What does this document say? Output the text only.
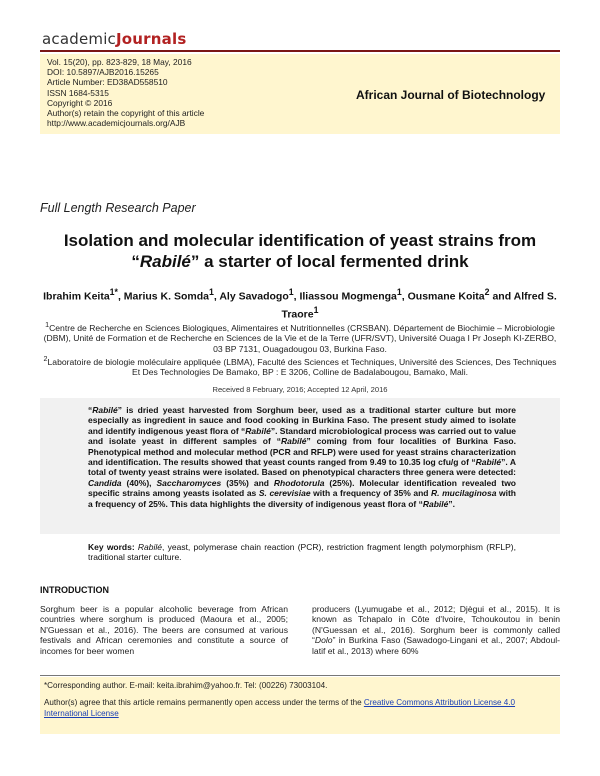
academicJournals
Vol. 15(20), pp. 823-829, 18 May, 2016
DOI: 10.5897/AJB2016.15265
Article Number: ED38AD558510
ISSN 1684-5315
Copyright © 2016
Author(s) retain the copyright of this article
http://www.academicjournals.org/AJB
African Journal of Biotechnology
Full Length Research Paper
Isolation and molecular identification of yeast strains from “Rabilé” a starter of local fermented drink
Ibrahim Keita$^{1*}$, Marius K. Somda$^1$, Aly Savadogo$^1$, Iliassou Mogmenga$^1$, Ousmane Koita$^2$ and Alfred S. Traore$^1$
$^1$Centre de Recherche en Sciences Biologiques, Alimentaires et Nutritionnelles (CRSBAN). Département de Biochimie – Microbiologie (DBM), Unité de Formation et de Recherche en Sciences de la Vie et de la Terre (UFR/SVT), Université Ouaga I Pr Joseph KI-ZERBO, 03 BP 7131, Ouagadougou 03, Burkina Faso.
$^2$Laboratoire de biologie moléculaire appliquée (LBMA), Faculté des Sciences et Techniques, Université des Sciences, Des Techniques Et Des Technologies De Bamako, BP : E 3206, Colline de Badalabougou, Bamako, Mali.
Received 8 February, 2016; Accepted 12 April, 2016
“Rabilé” is dried yeast harvested from Sorghum beer, used as a traditional starter culture but more especially as ingredient in sauce and food cooking in Burkina Faso. The present study aimed to isolate and identify indigenous yeast flora of “Rabilé”. Standard microbiological process was carried out to value and isolate yeast in different samples of “Rabilé” coming from four localities of Burkina Faso. Phenotypical method and molecular method (PCR and RFLP) were used for yeast strains characterization and identification. The results showed that yeast counts ranged from 9.49 to 10.35 log cfu/g of “Rabilé”. A total of twenty yeast strains were isolated. Based on phenotypical characters three genera were detected: Candida (40%), Saccharomyces (35%) and Rhodotorula (25%). Molecular identification revealed two specific strains among yeasts isolated as S. cerevisiae with a frequency of 35% and R. mucilaginosa with a frequency of 25%. This data highlights the diversity of indigenous yeast flora of “Rabilé”.
Key words: Rabilé, yeast, polymerase chain reaction (PCR), restriction fragment length polymorphism (RFLP), traditional starter culture.
INTRODUCTION
Sorghum beer is a popular alcoholic beverage from African countries where sorghum is produced (Maoura et al., 2005; N'Guessan et al., 2016). The beers are consumed at various festivals and African ceremonies and constitute a source of incomes for beer women
producers (Lyumugabe et al., 2012; Djègui et al., 2015). It is known as Tchapalo in Côte d'Ivoire, Tchoukoutou in benin (N'Guessan et al., 2016). Sorghum beer is commonly called “Dolo” in Burkina Faso (Sawadogo-Lingani et al., 2007; Abdoul-latif et al., 2013) where 60%
*Corresponding author. E-mail: keita.ibrahim@yahoo.fr. Tel: (00226) 73003104.
Author(s) agree that this article remains permanently open access under the terms of the Creative Commons Attribution License 4.0 International License
